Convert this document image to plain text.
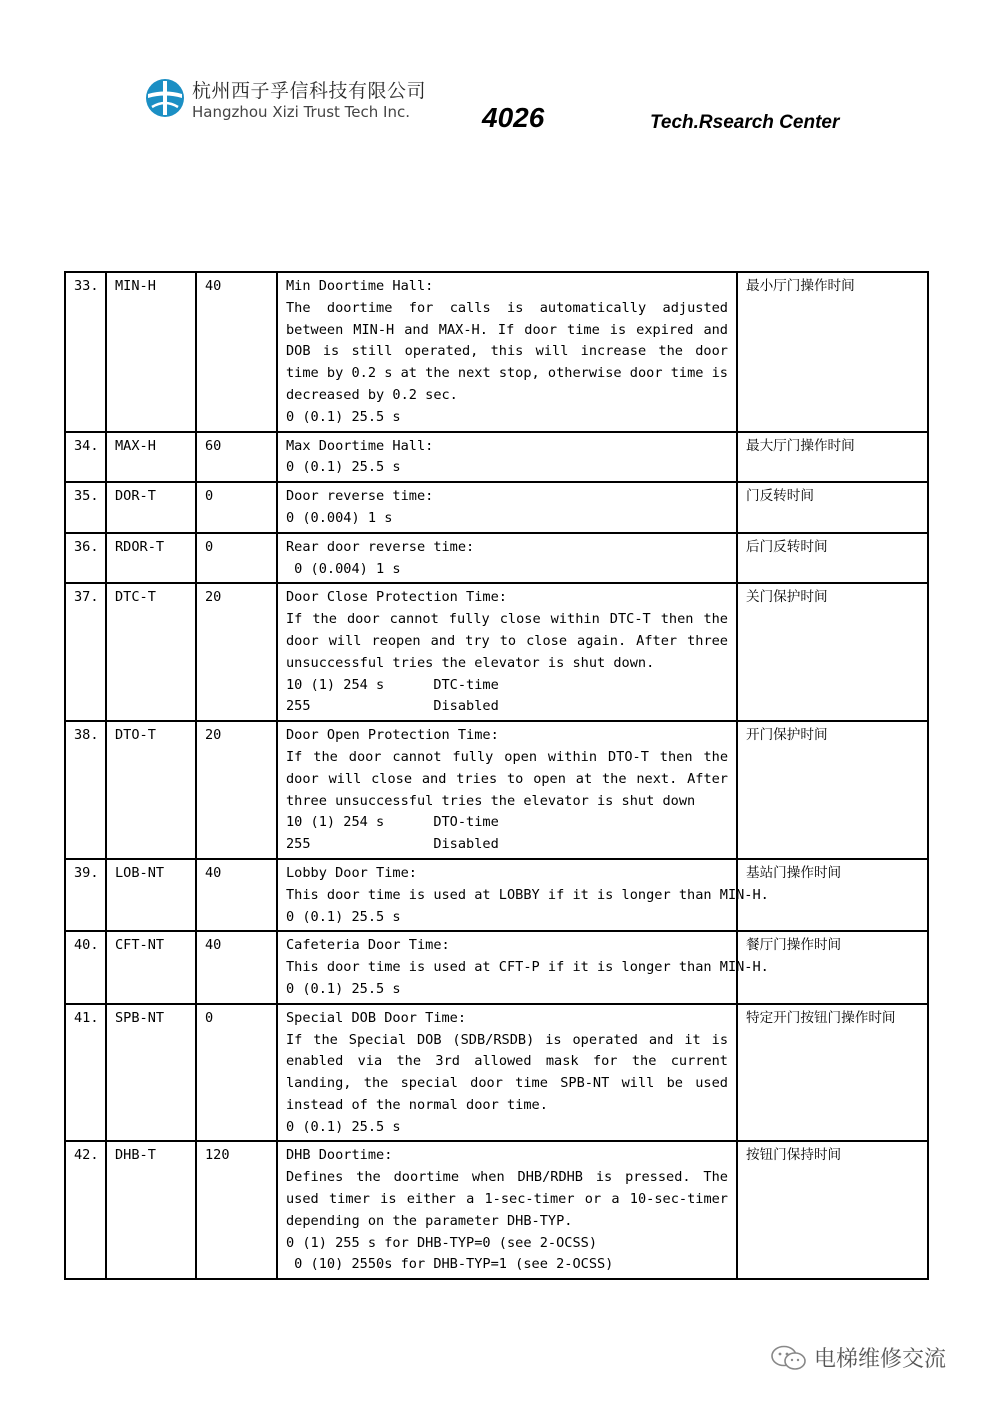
杭州西子孚信科技有限公司
Hangzhou Xizi Trust Tech Inc.	4026	Tech.Rsearch Center
33.	MIN-H	40	Min Doortime Hall:
The doortime for calls is automatically adjusted between MIN-H and MAX-H. If door time is expired and DOB is still operated, this will increase the door time by 0.2 s at the next stop, otherwise door time is decreased by 0.2 sec.
0 (0.1) 25.5 s	最小厅门操作时间
34.	MAX-H	60	Max Doortime Hall:
0 (0.1) 25.5 s	最大厅门操作时间
35.	DOR-T	0	Door reverse time:
0 (0.004) 1 s	门反转时间
36.	RDOR-T	0	Rear door reverse time:
0 (0.004) 1 s	后门反转时间
37.	DTC-T	20	Door Close Protection Time:
If the door cannot fully close within DTC-T then the door will reopen and try to close again. After three unsuccessful tries the elevator is shut down.
10 (1) 254 s      DTC-time
255               Disabled	关门保护时间
38.	DTO-T	20	Door Open Protection Time:
If the door cannot fully open within DTO-T then the door will close and tries to open at the next. After three unsuccessful tries the elevator is shut down
10 (1) 254 s      DTO-time
255               Disabled	开门保护时间
39.	LOB-NT	40	Lobby Door Time:
This door time is used at LOBBY if it is longer than MIN-H.
0 (0.1) 25.5 s	基站门操作时间
40.	CFT-NT	40	Cafeteria Door Time:
This door time is used at CFT-P if it is longer than MIN-H.
0 (0.1) 25.5 s	餐厅门操作时间
41.	SPB-NT	0	Special DOB Door Time:
If the Special DOB (SDB/RSDB) is operated and it is enabled via the 3rd allowed mask for the current landing, the special door time SPB-NT will be used instead of the normal door time.
0 (0.1) 25.5 s	特定开门按钮门操作时间
42.	DHB-T	120	DHB Doortime:
Defines the doortime when DHB/RDHB is pressed. The used timer is either a 1-sec-timer or a 10-sec-timer depending on the parameter DHB-TYP.
0 (1) 255 s for DHB-TYP=0 (see 2-OCSS)
0 (10) 2550s for DHB-TYP=1 (see 2-OCSS)	按钮门保持时间
电梯维修交流
